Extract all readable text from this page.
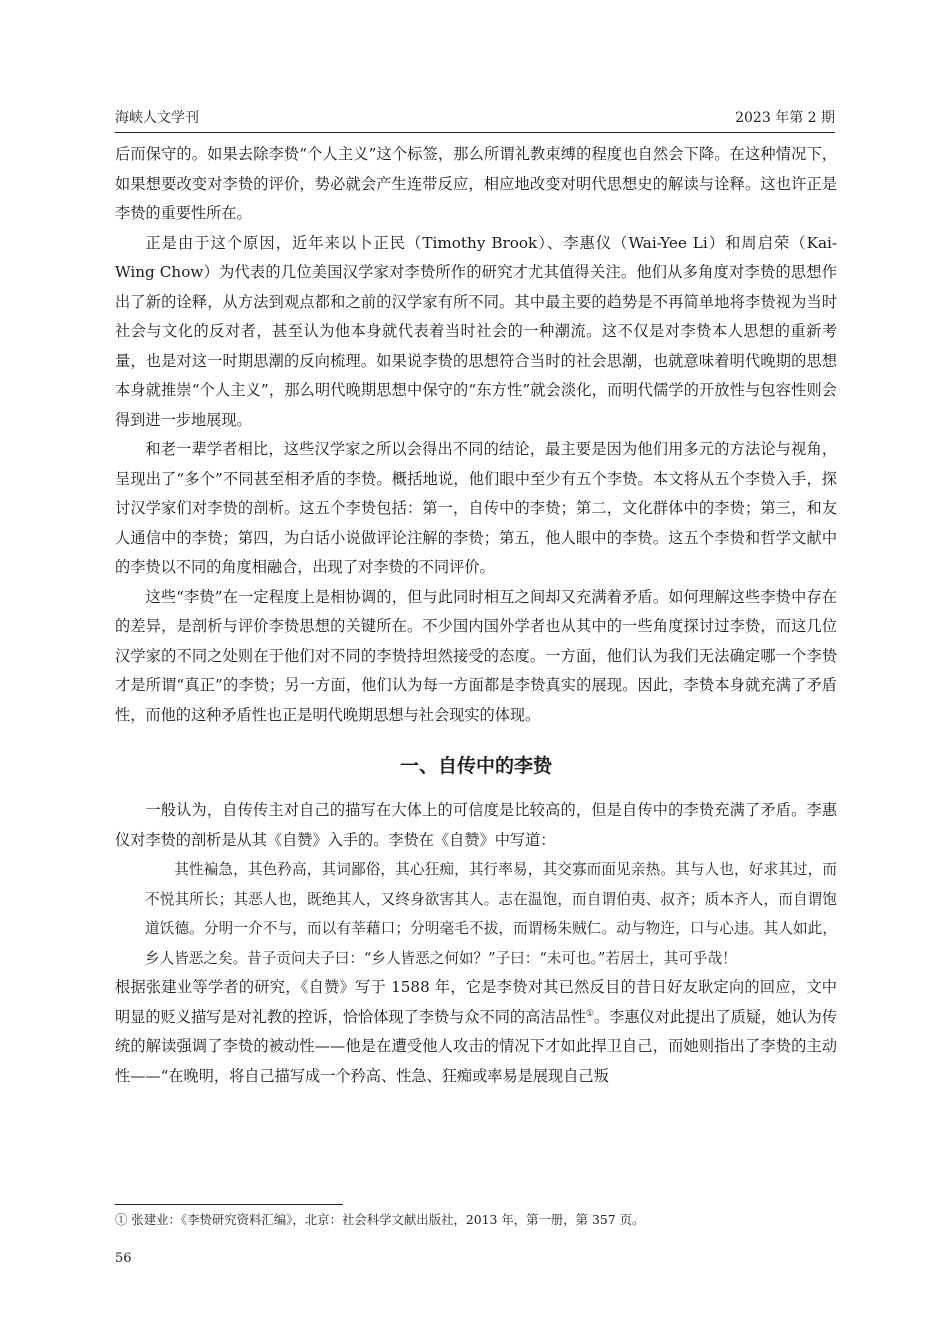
海峡人文学刊	2023 年第 2 期

后而保守的。如果去除李贽“个人主义”这个标签，那么所谓礼教束缚的程度也自然会下降。在这种情况下，如果想要改变对李贽的评价，势必就会产生连带反应，相应地改变对明代思想史的解读与诠释。这也许正是李贽的重要性所在。

正是由于这个原因，近年来以卜正民（Timothy Brook）、李惠仪（Wai-Yee Li）和周启荣（Kai-Wing Chow）为代表的几位美国汉学家对李贽所作的研究才尤其值得关注。他们从多角度对李贽的思想作出了新的诠释，从方法到观点都和之前的汉学家有所不同。其中最主要的趋势是不再简单地将李贽视为当时社会与文化的反对者，甚至认为他本身就代表着当时社会的一种潮流。这不仅是对李贽本人思想的重新考量，也是对这一时期思潮的反向梳理。如果说李贽的思想符合当时的社会思潮，也就意味着明代晚期的思想本身就推崇“个人主义”，那么明代晚期思想中保守的“东方性”就会淡化，而明代儒学的开放性与包容性则会得到进一步地展现。

和老一辈学者相比，这些汉学家之所以会得出不同的结论，最主要是因为他们用多元的方法论与视角，呈现出了“多个”不同甚至相矛盾的李贽。概括地说，他们眼中至少有五个李贽。本文将从五个李贽入手，探讨汉学家们对李贽的剖析。这五个李贽包括：第一，自传中的李贽；第二，文化群体中的李贽；第三，和友人通信中的李贽；第四，为白话小说做评论注解的李贽；第五，他人眼中的李贽。这五个李贽和哲学文献中的李贽以不同的角度相融合，出现了对李贽的不同评价。

这些“李贽”在一定程度上是相协调的，但与此同时相互之间却又充满着矛盾。如何理解这些李贽中存在的差异，是剖析与评价李贽思想的关键所在。不少国内国外学者也从其中的一些角度探讨过李贽，而这几位汉学家的不同之处则在于他们对不同的李贽持坦然接受的态度。一方面，他们认为我们无法确定哪一个李贽才是所谓“真正”的李贽；另一方面，他们认为每一方面都是李贽真实的展现。因此，李贽本身就充满了矛盾性，而他的这种矛盾性也正是明代晚期思想与社会现实的体现。

一、自传中的李贽

一般认为，自传传主对自己的描写在大体上的可信度是比较高的，但是自传中的李贽充满了矛盾。李惠仪对李贽的剖析是从其《自赞》入手的。李贽在《自赞》中写道：

其性褊急，其色矜高，其词鄙俗，其心狂痴，其行率易，其交寡而面见亲热。其与人也，好求其过，而不悦其所长；其恶人也，既绝其人，又终身欲害其人。志在温饱，而自谓伯夷、叔齐；质本齐人，而自谓饱道饫德。分明一介不与，而以有莘藉口；分明毫毛不拔，而谓杨朱贼仁。动与物迕，口与心违。其人如此，乡人皆恶之矣。昔子贡问夫子曰：“乡人皆恶之何如？”子曰：“未可也。”若居士，其可乎哉！

根据张建业等学者的研究，《自赞》写于 1588 年，它是李贽对其已然反目的昔日好友耿定向的回应，文中明显的贬义描写是对礼教的控诉，恰恰体现了李贽与众不同的高洁品性①。李惠仪对此提出了质疑，她认为传统的解读强调了李贽的被动性——他是在遭受他人攻击的情况下才如此捍卫自己，而她则指出了李贽的主动性——“在晚明，将自己描写成一个矜高、性急、狂痴或率易是展现自己叛

① 张建业：《李贽研究资料汇编》，北京：社会科学文献出版社，2013 年，第一册，第 357 页。
56
